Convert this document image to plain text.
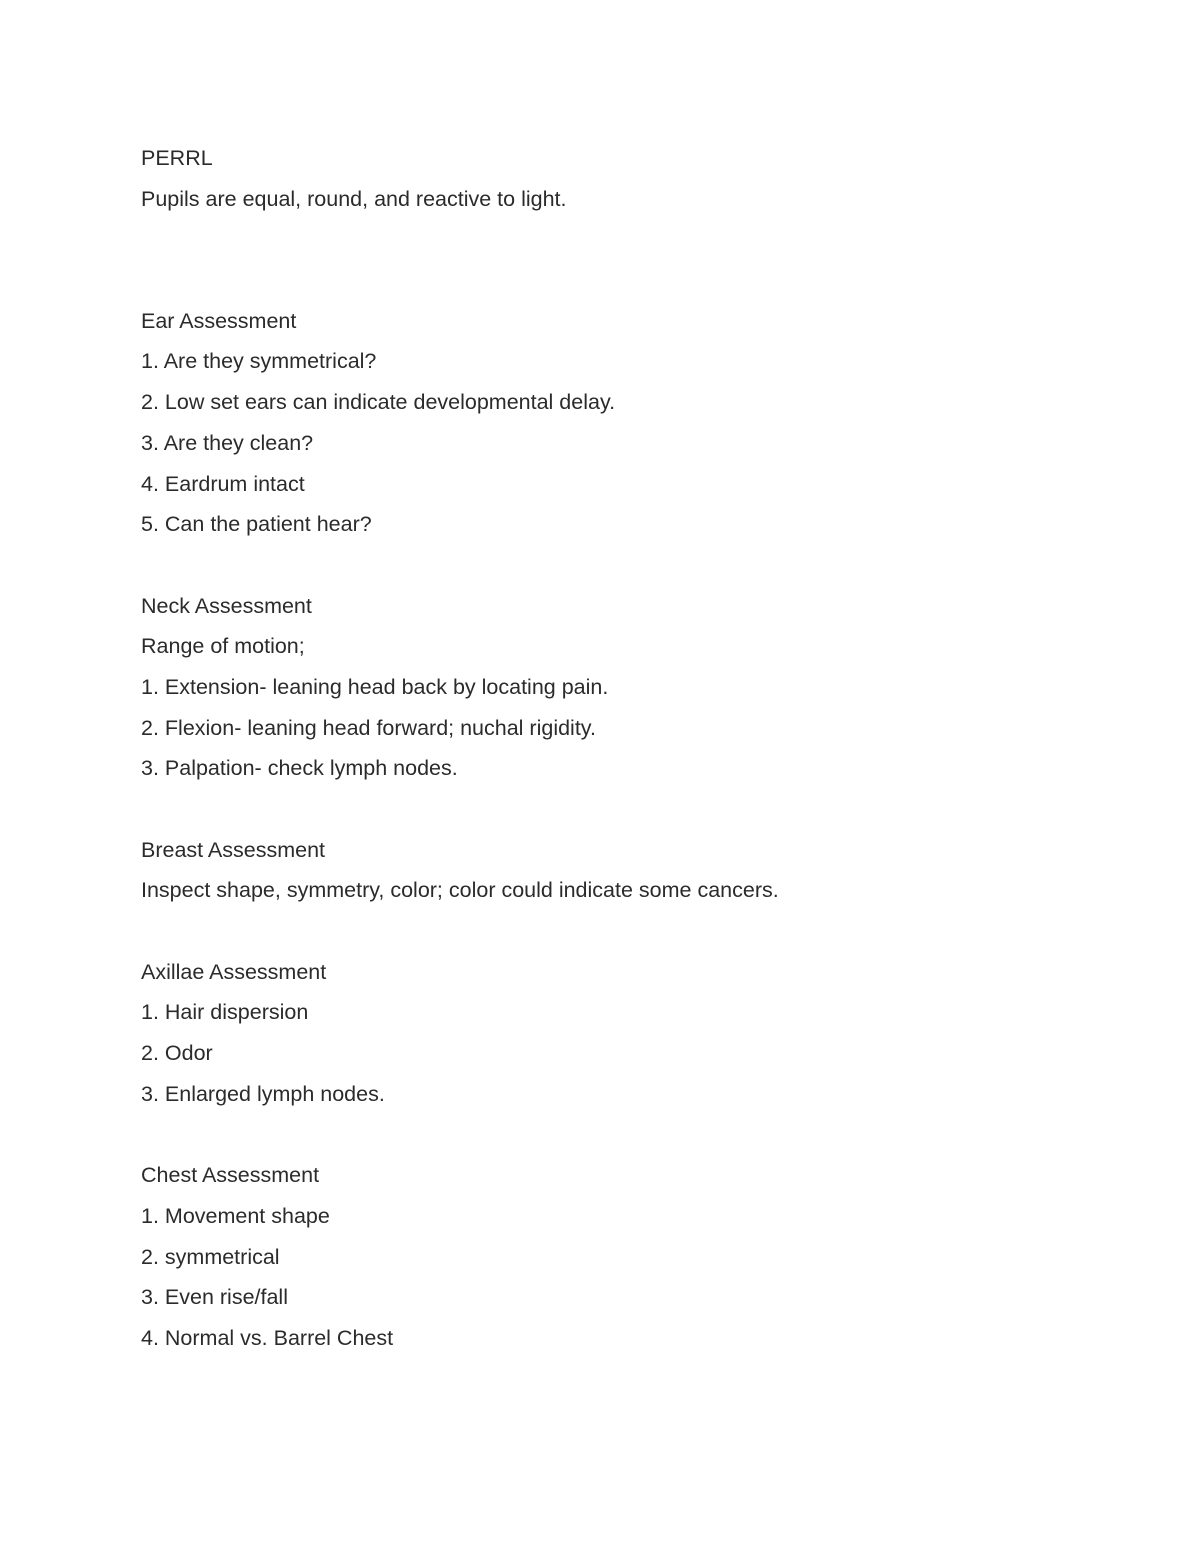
PERRL
Pupils are equal, round, and reactive to light.
Ear Assessment
1. Are they symmetrical?
2. Low set ears can indicate developmental delay.
3. Are they clean?
4. Eardrum intact
5. Can the patient hear?
Neck Assessment
Range of motion;
1. Extension- leaning head back by locating pain.
2. Flexion- leaning head forward; nuchal rigidity.
3. Palpation- check lymph nodes.
Breast Assessment
Inspect shape, symmetry, color; color could indicate some cancers.
Axillae Assessment
1. Hair dispersion
2. Odor
3. Enlarged lymph nodes.
Chest Assessment
1. Movement shape
2. symmetrical
3. Even rise/fall
4. Normal vs. Barrel Chest
